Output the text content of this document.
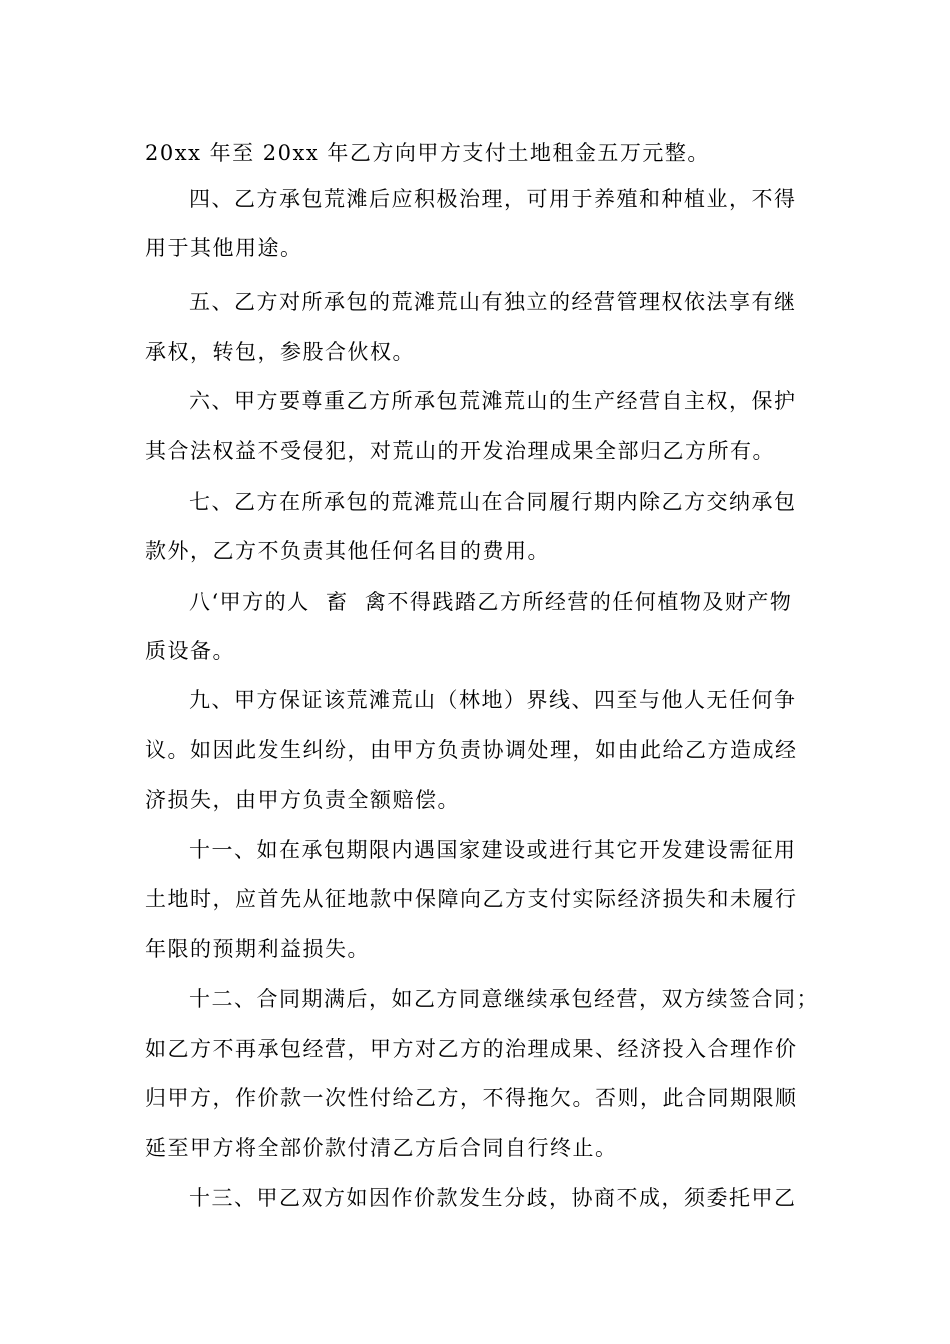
20xx 年至 20xx 年乙方向甲方支付土地租金五万元整。
四、乙方承包荒滩后应积极治理，可用于养殖和种植业，不得
用于其他用途。
五、乙方对所承包的荒滩荒山有独立的经营管理权依法享有继
承权，转包，参股合伙权。
六、甲方要尊重乙方所承包荒滩荒山的生产经营自主权，保护
其合法权益不受侵犯，对荒山的开发治理成果全部归乙方所有。
七、乙方在所承包的荒滩荒山在合同履行期内除乙方交纳承包
款外，乙方不负责其他任何名目的费用。
八‘甲方的人  畜  禽不得践踏乙方所经营的任何植物及财产物
质设备。
九、甲方保证该荒滩荒山（林地）界线、四至与他人无任何争
议。如因此发生纠纷，由甲方负责协调处理，如由此给乙方造成经
济损失，由甲方负责全额赔偿。
十一、如在承包期限内遇国家建设或进行其它开发建设需征用
土地时，应首先从征地款中保障向乙方支付实际经济损失和未履行
年限的预期利益损失。
十二、合同期满后，如乙方同意继续承包经营，双方续签合同；
如乙方不再承包经营，甲方对乙方的治理成果、经济投入合理作价
归甲方，作价款一次性付给乙方，不得拖欠。否则，此合同期限顺
延至甲方将全部价款付清乙方后合同自行终止。
十三、甲乙双方如因作价款发生分歧，协商不成，须委托甲乙
